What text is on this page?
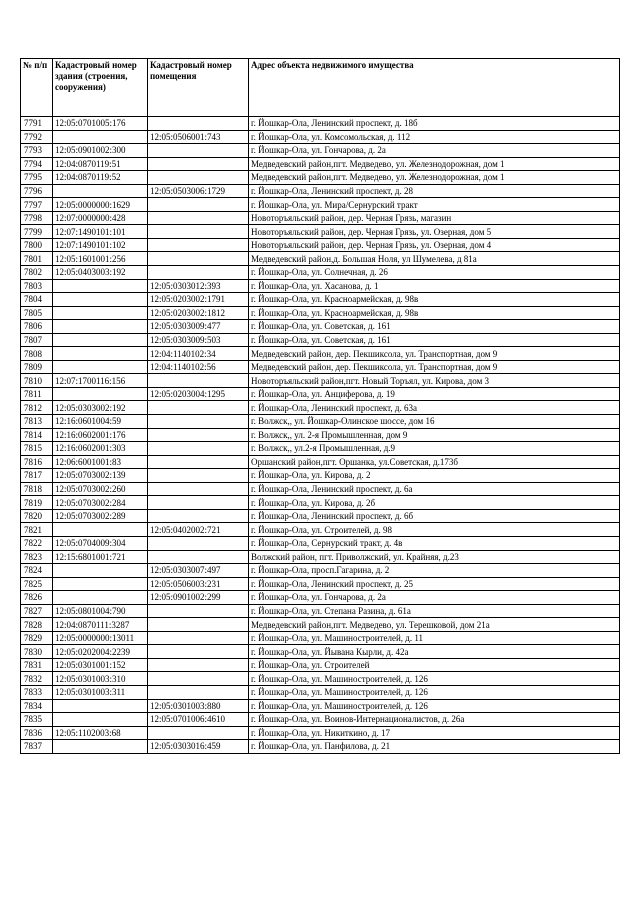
№ п/п	Кадастровый номер здания (строения, сооружения)	Кадастровый номер помещения	Адрес объекта недвижимого имущества
7791	12:05:0701005:176		г. Йошкар-Ола, Ленинский проспект, д. 18б
7792		12:05:0506001:743	г. Йошкар-Ола, ул. Комсомольская, д. 112
7793	12:05:0901002:300		г. Йошкар-Ола, ул. Гончарова, д. 2а
7794	12:04:0870119:51		Медведевский район,пгт. Медведево, ул. Железнодорожная, дом 1
7795	12:04:0870119:52		Медведевский район,пгт. Медведево, ул. Железнодорожная, дом 1
7796		12:05:0503006:1729	г. Йошкар-Ола, Ленинский проспект, д. 28
7797	12:05:0000000:1629		г. Йошкар-Ола, ул. Мира/Сернурский тракт
7798	12:07:0000000:428		Новоторъяльский район, дер. Черная Грязь, магазин
7799	12:07:1490101:101		Новоторъяльский район, дер. Черная Грязь, ул. Озерная, дом 5
7800	12:07:1490101:102		Новоторъяльский район, дер. Черная Грязь, ул. Озерная, дом 4
7801	12:05:1601001:256		Медведевский район,д. Большая Ноля, ул Шумелева, д 81а
7802	12:05:0403003:192		г. Йошкар-Ола, ул. Солнечная, д. 26
7803		12:05:0303012:393	г. Йошкар-Ола, ул. Хасанова, д. 1
7804		12:05:0203002:1791	г. Йошкар-Ола, ул. Красноармейская, д. 98в
7805		12:05:0203002:1812	г. Йошкар-Ола, ул. Красноармейская, д. 98в
7806		12:05:0303009:477	г. Йошкар-Ола, ул. Советская, д. 161
7807		12:05:0303009:503	г. Йошкар-Ола, ул. Советская, д. 161
7808		12:04:1140102:34	Медведевский район, дер. Пекшиксола, ул. Транспортная, дом 9
7809		12:04:1140102:56	Медведевский район, дер. Пекшиксола, ул. Транспортная, дом 9
7810	12:07:1700116:156		Новоторъяльский район,пгт. Новый Торъял, ул. Кирова, дом 3
7811		12:05:0203004:1295	г. Йошкар-Ола, ул. Анциферова, д. 19
7812	12:05:0303002:192		г. Йошкар-Ола, Ленинский проспект, д. 63а
7813	12:16:0601004:59		г. Волжск,, ул. Йошкар-Олинское шоссе, дом 16
7814	12:16:0602001:176		г. Волжск,, ул. 2-я Промышленная, дом 9
7815	12:16:0602001:303		г. Волжск,, ул.2-я Промышленная, д.9
7816	12:06:6001001:83		Оршанский район,пгт. Оршанка, ул.Советская, д.173б
7817	12:05:0703002:139		г. Йошкар-Ола, ул. Кирова, д. 2
7818	12:05:0703002:260		г. Йошкар-Ола, Ленинский проспект, д. 6а
7819	12:05:0703002:284		г. Йошкар-Ола, ул. Кирова, д. 2б
7820	12:05:0703002:289		г. Йошкар-Ола, Ленинский проспект, д. 6б
7821		12:05:0402002:721	г. Йошкар-Ола, ул. Строителей, д. 98
7822	12:05:0704009:304		г. Йошкар-Ола, Сернурский тракт, д. 4в
7823	12:15:6801001:721		Волжский район, пгт. Приволжский, ул. Крайняя, д.23
7824		12:05:0303007:497	г. Йошкар-Ола, просп.Гагарина, д. 2
7825		12:05:0506003:231	г. Йошкар-Ола, Ленинский проспект, д. 25
7826		12:05:0901002:299	г. Йошкар-Ола, ул. Гончарова, д. 2а
7827	12:05:0801004:790		г. Йошкар-Ола, ул. Степана Разина, д. 61а
7828	12:04:0870111:3287		Медведевский район,пгт. Медведево, ул. Терешковой, дом 21а
7829	12:05:0000000:13011		г. Йошкар-Ола, ул. Машиностроителей, д. 11
7830	12:05:0202004:2239		г. Йошкар-Ола, ул. Йывана Кырли, д. 42а
7831	12:05:0301001:152		г. Йошкар-Ола, ул. Строителей
7832	12:05:0301003:310		г. Йошкар-Ола, ул. Машиностроителей, д. 126
7833	12:05:0301003:311		г. Йошкар-Ола, ул. Машиностроителей, д. 126
7834		12:05:0301003:880	г. Йошкар-Ола, ул. Машиностроителей, д. 126
7835		12:05:0701006:4610	г. Йошкар-Ола, ул. Воинов-Интернационалистов, д. 26а
7836	12:05:1102003:68		г. Йошкар-Ола, ул. Никиткино, д. 17
7837		12:05:0303016:459	г. Йошкар-Ола, ул. Панфилова, д. 21
